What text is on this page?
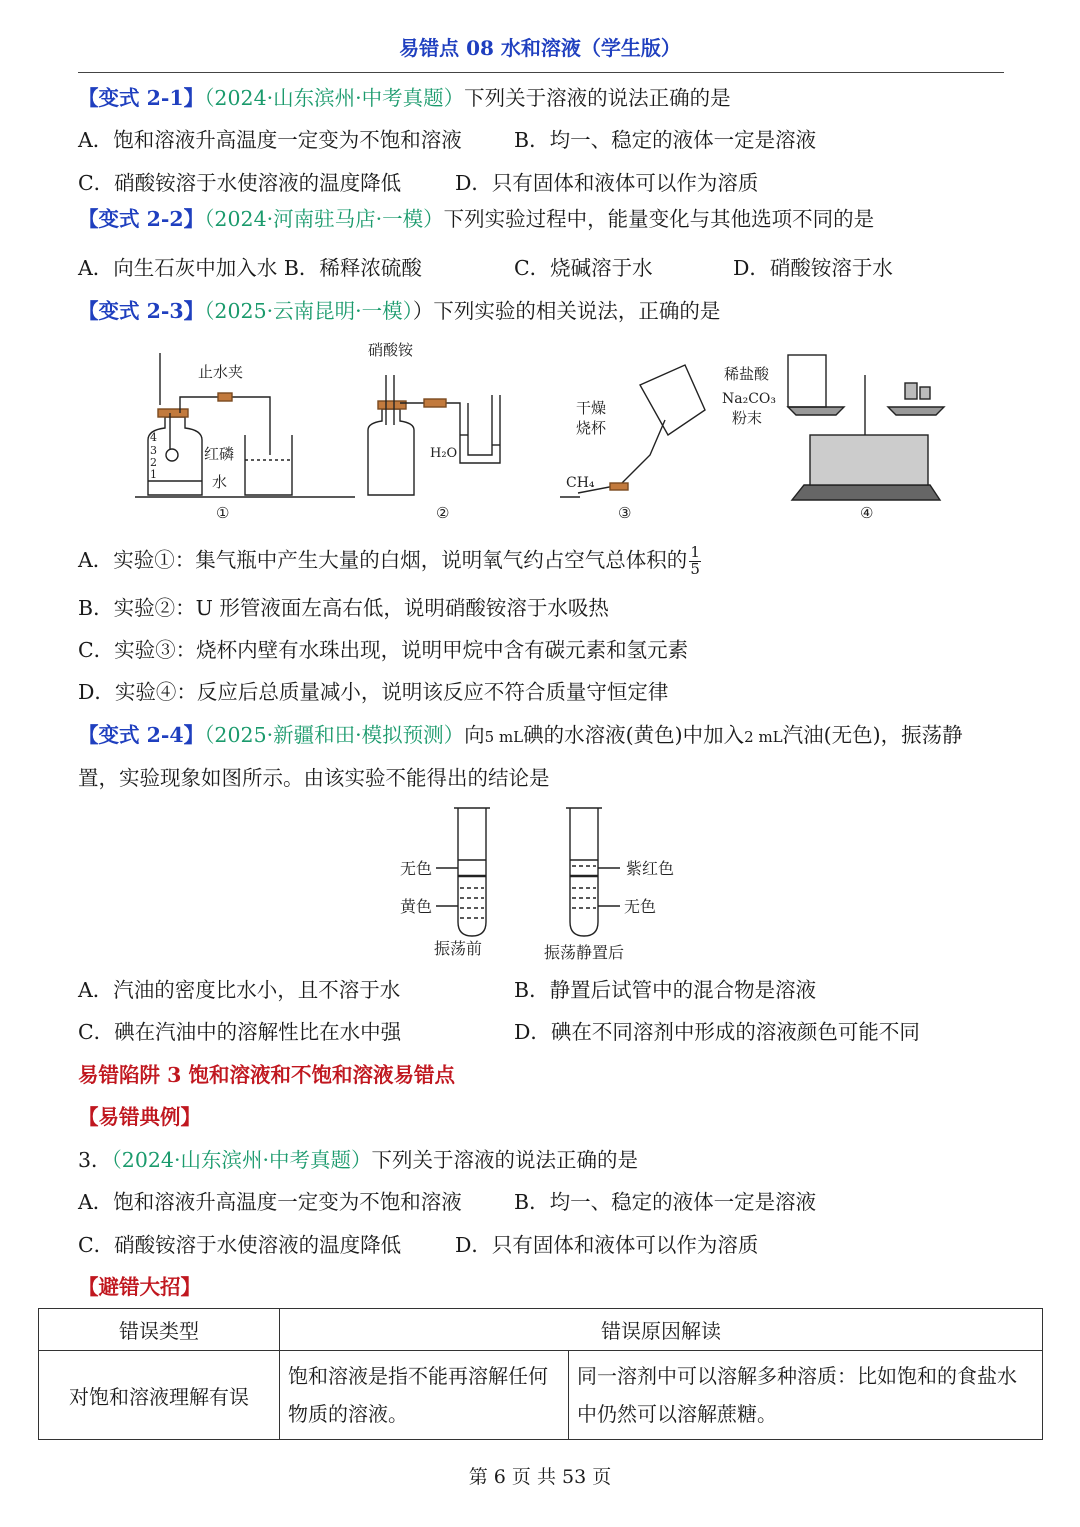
易错点 08 水和溶液（学生版）
【变式 2-1】（2024·山东滨州·中考真题）下列关于溶液的说法正确的是
A．饱和溶液升高温度一定变为不饱和溶液	B．均一、稳定的液体一定是溶液
C．硝酸铵溶于水使溶液的温度降低	D．只有固体和液体可以作为溶质
【变式 2-2】（2024·河南驻马店·一模）下列实验过程中，能量变化与其他选项不同的是
A．向生石灰中加入水 B．稀释浓硫酸	C．烧碱溶于水	D．硝酸铵溶于水
【变式 2-3】（2025·云南昆明·一模））下列实验的相关说法，正确的是
止水夹
红磷
水
4
3
2
1
①
硝酸铵
H₂O
②
干燥
烧杯
CH₄
③
稀盐酸
Na₂CO₃
粉末
④
A．实验①：集气瓶中产生大量的白烟，说明氧气约占空气总体积的 $\frac{1}{5}$
B．实验②：U 形管液面左高右低，说明硝酸铵溶于水吸热
C．实验③：烧杯内壁有水珠出现，说明甲烷中含有碳元素和氢元素
D．实验④：反应后总质量减小，说明该反应不符合质量守恒定律
【变式 2-4】（2025·新疆和田·模拟预测）向5 mL碘的水溶液(黄色)中加入2 mL汽油(无色)，振荡静
置，实验现象如图所示。由该实验不能得出的结论是
无色
黄色
振荡前
紫红色
无色
振荡静置后
A．汽油的密度比水小，且不溶于水	B．静置后试管中的混合物是溶液
C．碘在汽油中的溶解性比在水中强	D．碘在不同溶剂中形成的溶液颜色可能不同
易错陷阱 3 饱和溶液和不饱和溶液易错点
【易错典例】
3．（2024·山东滨州·中考真题）下列关于溶液的说法正确的是
A．饱和溶液升高温度一定变为不饱和溶液	B．均一、稳定的液体一定是溶液
C．硝酸铵溶于水使溶液的温度降低	D．只有固体和液体可以作为溶质
【避错大招】
错误类型	错误原因解读	
对饱和溶液理解有误	饱和溶液是指不能再溶解任何物质的溶液。	同一溶剂中可以溶解多种溶质：比如饱和的食盐水中仍然可以溶解蔗糖。
第 6 页 共 53 页
